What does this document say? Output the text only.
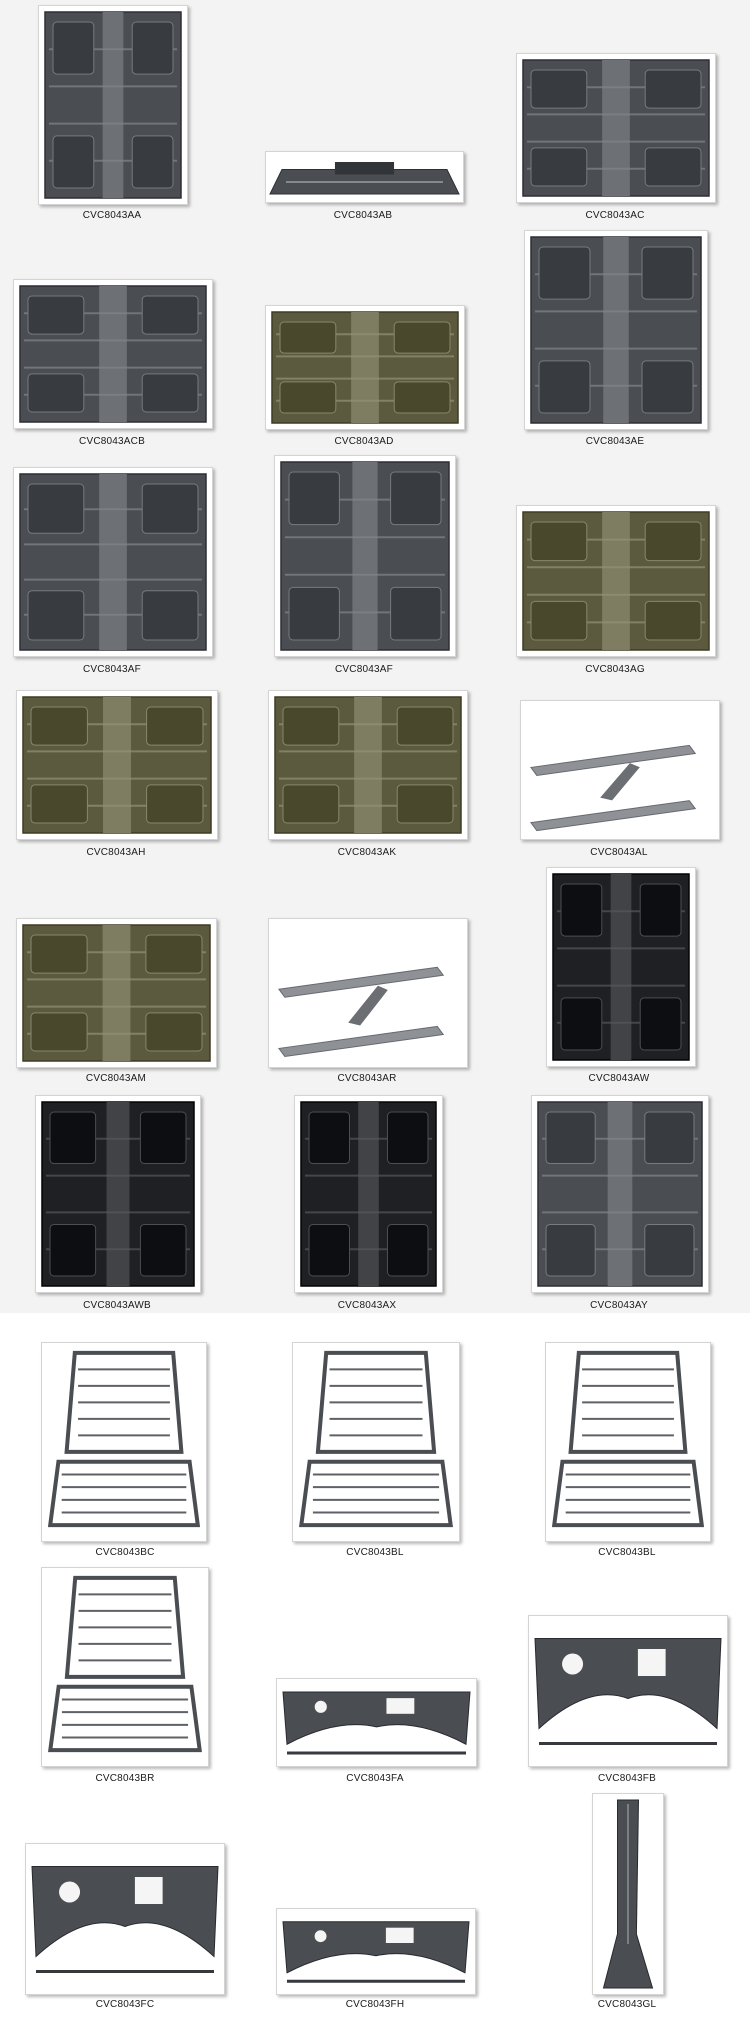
CVC8043AA	CVC8043AB	CVC8043AC
CVC8043ACB	CVC8043AD	CVC8043AE
CVC8043AF	CVC8043AF	CVC8043AG
CVC8043AH	CVC8043AK	CVC8043AL
CVC8043AM	CVC8043AR	CVC8043AW
CVC8043AWB	CVC8043AX	CVC8043AY
CVC8043BC	CVC8043BL	CVC8043BL
CVC8043BR	CVC8043FA	CVC8043FB
CVC8043FC	CVC8043FH	CVC8043GL
